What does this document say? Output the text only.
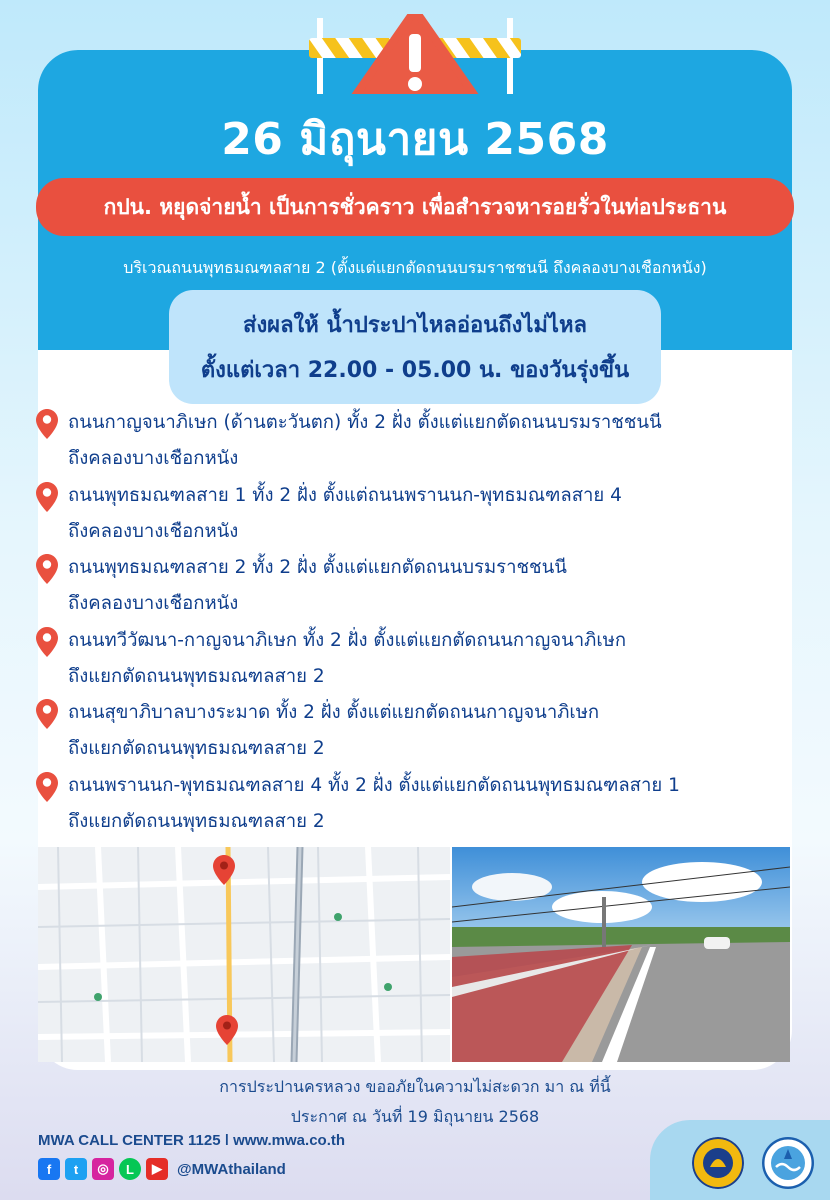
26 มิถุนายน 2568
กปน. หยุดจ่ายน้ำ เป็นการชั่วคราว เพื่อสำรวจหารอยรั่วในท่อประธาน
บริเวณถนนพุทธมณฑลสาย 2 (ตั้งแต่แยกตัดถนนบรมราชชนนี ถึงคลองบางเชือกหนัง)
ส่งผลให้ น้ำประปาไหลอ่อนถึงไม่ไหล
ตั้งแต่เวลา 22.00 - 05.00 น. ของวันรุ่งขึ้น
ถนนกาญจนาภิเษก (ด้านตะวันตก) ทั้ง 2 ฝั่ง ตั้งแต่แยกตัดถนนบรมราชชนนี
ถึงคลองบางเชือกหนัง
ถนนพุทธมณฑลสาย 1 ทั้ง 2 ฝั่ง ตั้งแต่ถนนพรานนก-พุทธมณฑลสาย 4
ถึงคลองบางเชือกหนัง
ถนนพุทธมณฑลสาย 2 ทั้ง 2 ฝั่ง ตั้งแต่แยกตัดถนนบรมราชชนนี
ถึงคลองบางเชือกหนัง
ถนนทวีวัฒนา-กาญจนาภิเษก ทั้ง 2 ฝั่ง ตั้งแต่แยกตัดถนนกาญจนาภิเษก
ถึงแยกตัดถนนพุทธมณฑลสาย 2
ถนนสุขาภิบาลบางระมาด ทั้ง 2 ฝั่ง ตั้งแต่แยกตัดถนนกาญจนาภิเษก
ถึงแยกตัดถนนพุทธมณฑลสาย 2
ถนนพรานนก-พุทธมณฑลสาย 4 ทั้ง 2 ฝั่ง ตั้งแต่แยกตัดถนนพุทธมณฑลสาย 1
ถึงแยกตัดถนนพุทธมณฑลสาย 2
การประปานครหลวง ขออภัยในความไม่สะดวก มา ณ ที่นี้
ประกาศ ณ วันที่ 19 มิถุนายน 2568
MWA CALL CENTER 1125 ǀ www.mwa.co.th
f	t	◎	L	▶	@MWAthailand
